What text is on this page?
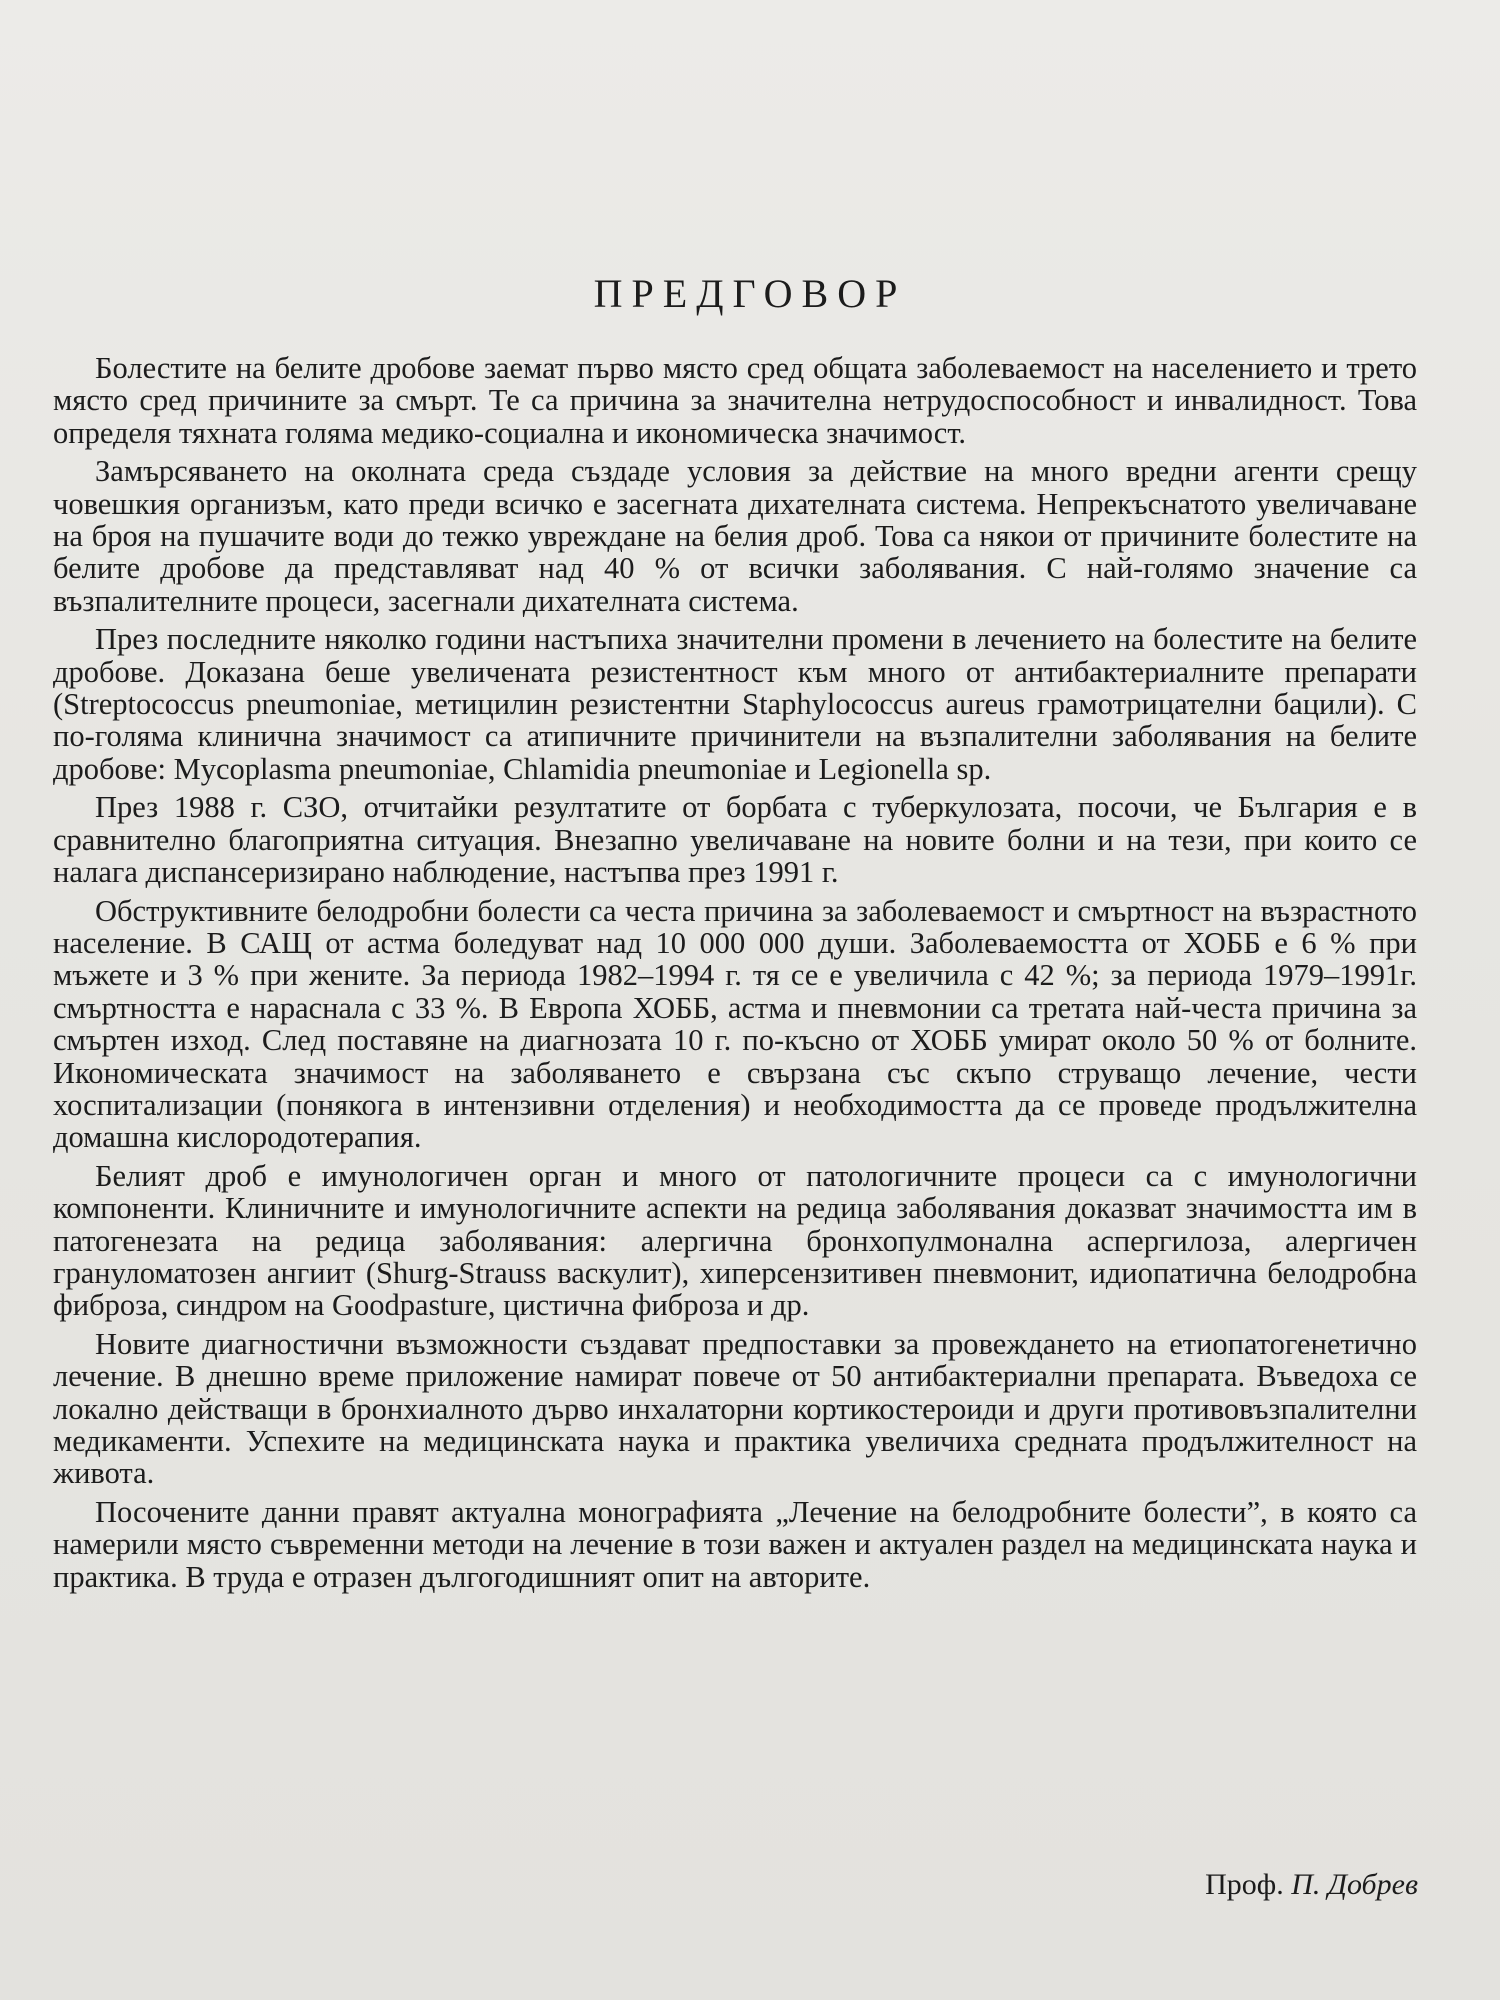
ПРЕДГОВОР

Болестите на белите дробове заемат първо място сред общата заболеваемост на населението и трето място сред причините за смърт. Те са причина за значителна нетрудоспособност и инвалидност. Това определя тяхната голяма медико-социална и икономическа значимост.

Замърсяването на околната среда създаде условия за действие на много вредни агенти срещу човешкия организъм, като преди всичко е засегната дихателната система. Непрекъснатото увеличаване на броя на пушачите води до тежко увреждане на белия дроб. Това са някои от причините болестите на белите дробове да представляват над 40 % от всички заболявания. С най-голямо значение са възпалителните процеси, засегнали дихателната система.

През последните няколко години настъпиха значителни промени в лечението на болестите на белите дробове. Доказана беше увеличената резистентност към много от антибактериалните препарати (Streptococcus pneumoniae, метицилин резистентни Staphylococcus aureus грамотрицателни бацили). С по-голяма клинична значимост са атипичните причинители на възпалителни заболявания на белите дробове: Mycoplasma pneumoniae, Chlamidia pneumoniae и Legionella sp.

През 1988 г. СЗО, отчитайки резултатите от борбата с туберкулозата, посочи, че България е в сравнително благоприятна ситуация. Внезапно увеличаване на новите болни и на тези, при които се налага диспансеризирано наблюдение, настъпва през 1991 г.

Обструктивните белодробни болести са честа причина за заболеваемост и смъртност на възрастното население. В САЩ от астма боледуват над 10 000 000 души. Заболеваемостта от ХОББ е 6 % при мъжете и 3 % при жените. За периода 1982–1994 г. тя се е увеличила с 42 %; за периода 1979–1991г. смъртността е нараснала с 33 %. В Европа ХОББ, астма и пневмонии са третата най-честа причина за смъртен изход. След поставяне на диагнозата 10 г. по-късно от ХОББ умират около 50 % от болните. Икономическата значимост на заболяването е свързана със скъпо струващо лечение, чести хоспитализации (понякога в интензивни отделения) и необходимостта да се проведе продължителна домашна кислородотерапия.

Белият дроб е имунологичен орган и много от патологичните процеси са с имунологични компоненти. Клиничните и имунологичните аспекти на редица заболявания доказват значимостта им в патогенезата на редица заболявания: алергична бронхопулмонална аспергилоза, алергичен грануломатозен ангиит (Shurg-Strauss васкулит), хиперсензитивен пневмонит, идиопатична белодробна фиброза, синдром на Goodpasture, цистична фиброза и др.

Новите диагностични възможности създават предпоставки за провеждането на етиопатогенетично лечение. В днешно време приложение намират повече от 50 антибактериални препарата. Въведоха се локално действащи в бронхиалното дърво инхалаторни кортикостероиди и други противовъзпалителни медикаменти. Успехите на медицинската наука и практика увеличиха средната продължителност на живота.

Посочените данни правят актуална монографията „Лечение на белодробните болести”, в която са намерили място съвременни методи на лечение в този важен и актуален раздел на медицинската наука и практика. В труда е отразен дългогодишният опит на авторите.

Проф. П. Добрев
